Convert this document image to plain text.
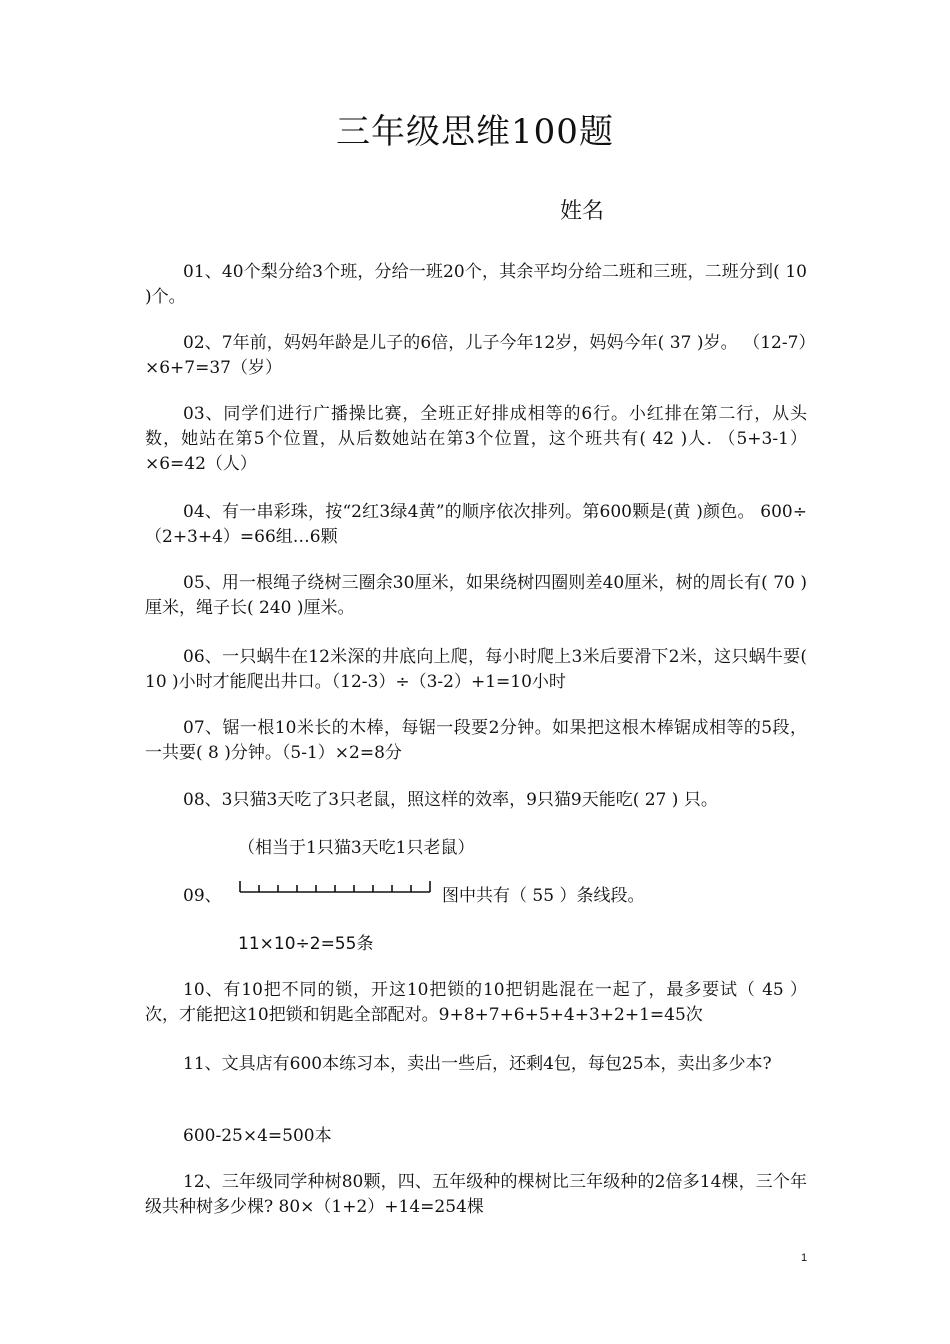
三年级思维100题
姓名
01、40个梨分给3个班，分给一班20个，其余平均分给二班和三班，二班分到( 10 )个。
02、7年前，妈妈年龄是儿子的6倍，儿子今年12岁，妈妈今年( 37 )岁。 （12-7）×6+7=37（岁）
03、同学们进行广播操比赛，全班正好排成相等的6行。小红排在第二行，从头数，她站在第5个位置，从后数她站在第3个位置，这个班共有( 42 )人. （5+3-1）×6=42（人）
04、有一串彩珠，按“2红3绿4黄”的顺序依次排列。第600颗是(黄 )颜色。 600÷（2+3+4）=66组…6颗
05、用一根绳子绕树三圈余30厘米，如果绕树四圈则差40厘米，树的周长有( 70 )厘米，绳子长( 240 )厘米。
06、一只蜗牛在12米深的井底向上爬，每小时爬上3米后要滑下2米，这只蜗牛要( 10 )小时才能爬出井口。（12-3）÷（3-2）+1=10小时
07、锯一根10米长的木棒，每锯一段要2分钟。如果把这根木棒锯成相等的5段，一共要( 8 )分钟。（5-1）×2=8分
08、3只猫3天吃了3只老鼠，照这样的效率，9只猫9天能吃( 27 ) 只。
（相当于1只猫3天吃1只老鼠）
09、	图中共有（ 55 ）条线段。
11×10÷2=55条
10、有10把不同的锁，开这10把锁的10把钥匙混在一起了，最多要试（ 45 ）次，才能把这10把锁和钥匙全部配对。9+8+7+6+5+4+3+2+1=45次
11、文具店有600本练习本，卖出一些后，还剩4包，每包25本，卖出多少本?
600-25×4=500本
12、三年级同学种树80颗，四、五年级种的棵树比三年级种的2倍多14棵，三个年级共种树多少棵? 80×（1+2）+14=254棵
1
